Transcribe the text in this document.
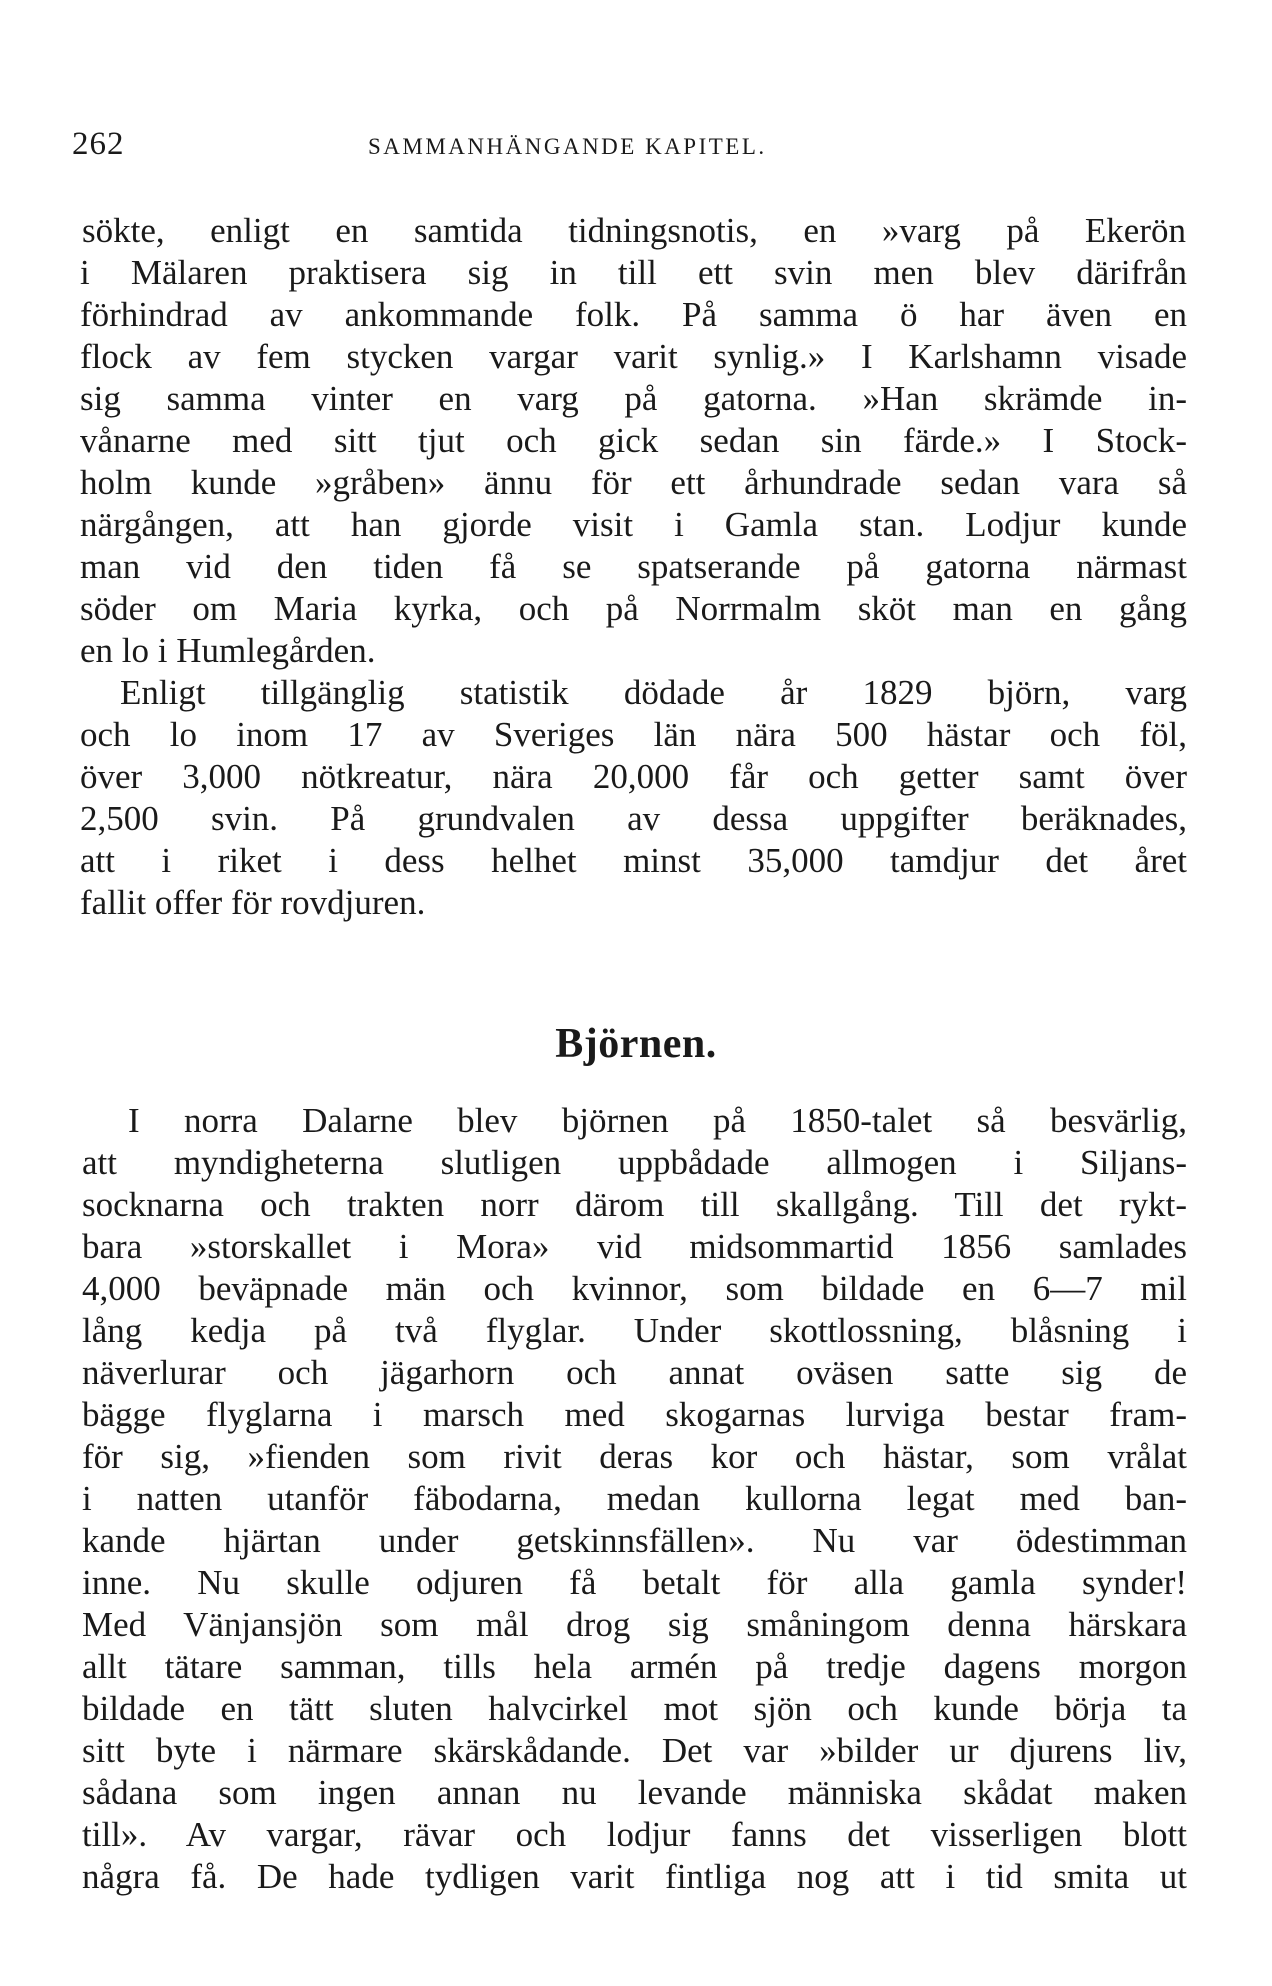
262	SAMMANHÄNGANDE KAPITEL.
sökte, enligt en samtida tidningsnotis, en »varg på Ekerön
i Mälaren praktisera sig in till ett svin men blev därifrån
förhindrad av ankommande folk. På samma ö har även en
flock av fem stycken vargar varit synlig.» I Karlshamn visade
sig samma vinter en varg på gatorna. »Han skrämde in-
vånarne med sitt tjut och gick sedan sin färde.» I Stock-
holm kunde »gråben» ännu för ett århundrade sedan vara så
närgången, att han gjorde visit i Gamla stan. Lodjur kunde
man vid den tiden få se spatserande på gatorna närmast
söder om Maria kyrka, och på Norrmalm sköt man en gång
en lo i Humlegården.
Enligt tillgänglig statistik dödade år 1829 björn, varg
och lo inom 17 av Sveriges län nära 500 hästar och föl,
över 3,000 nötkreatur, nära 20,000 får och getter samt över
2,500 svin. På grundvalen av dessa uppgifter beräknades,
att i riket i dess helhet minst 35,000 tamdjur det året
fallit offer för rovdjuren.
Björnen.
I norra Dalarne blev björnen på 1850-talet så besvärlig,
att myndigheterna slutligen uppbådade allmogen i Siljans-
socknarna och trakten norr därom till skallgång. Till det rykt-
bara »storskallet i Mora» vid midsommartid 1856 samlades
4,000 beväpnade män och kvinnor, som bildade en 6—7 mil
lång kedja på två flyglar. Under skottlossning, blåsning i
näverlurar och jägarhorn och annat oväsen satte sig de
bägge flyglarna i marsch med skogarnas lurviga bestar fram-
för sig, »fienden som rivit deras kor och hästar, som vrålat
i natten utanför fäbodarna, medan kullorna legat med ban-
kande hjärtan under getskinnsfällen». Nu var ödestimman
inne. Nu skulle odjuren få betalt för alla gamla synder!
Med Vänjansjön som mål drog sig småningom denna härskara
allt tätare samman, tills hela armén på tredje dagens morgon
bildade en tätt sluten halvcirkel mot sjön och kunde börja ta
sitt byte i närmare skärskådande. Det var »bilder ur djurens liv,
sådana som ingen annan nu levande människa skådat maken
till». Av vargar, rävar och lodjur fanns det visserligen blott
några få. De hade tydligen varit fintliga nog att i tid smita ut
